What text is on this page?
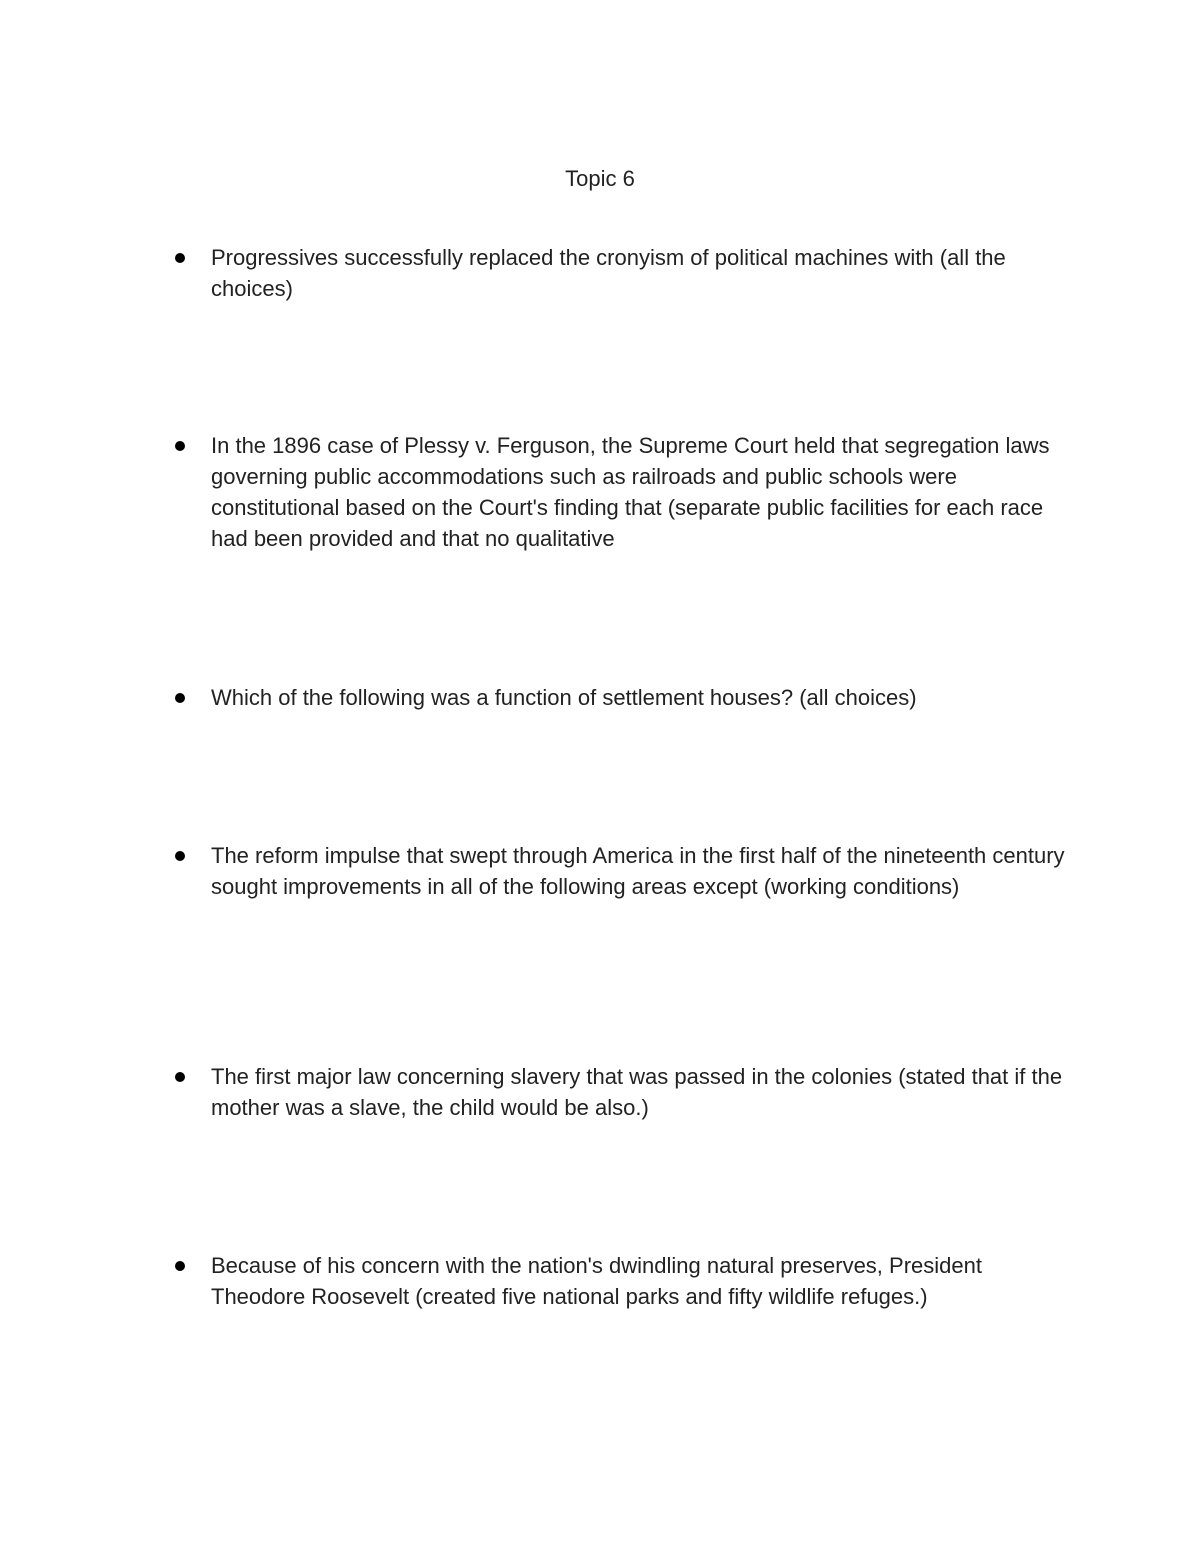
Topic 6
Progressives successfully replaced the cronyism of political machines with (all the choices)
In the 1896 case of Plessy v. Ferguson, the Supreme Court held that segregation laws governing public accommodations such as railroads and public schools were constitutional based on the Court's finding that (separate public facilities for each race had been provided and that no qualitative
Which of the following was a function of settlement houses? (all choices)
The reform impulse that swept through America in the first half of the nineteenth century sought improvements in all of the following areas except (working conditions)
The first major law concerning slavery that was passed in the colonies (stated that if the mother was a slave, the child would be also.)
Because of his concern with the nation's dwindling natural preserves, President Theodore Roosevelt (created five national parks and fifty wildlife refuges.)
